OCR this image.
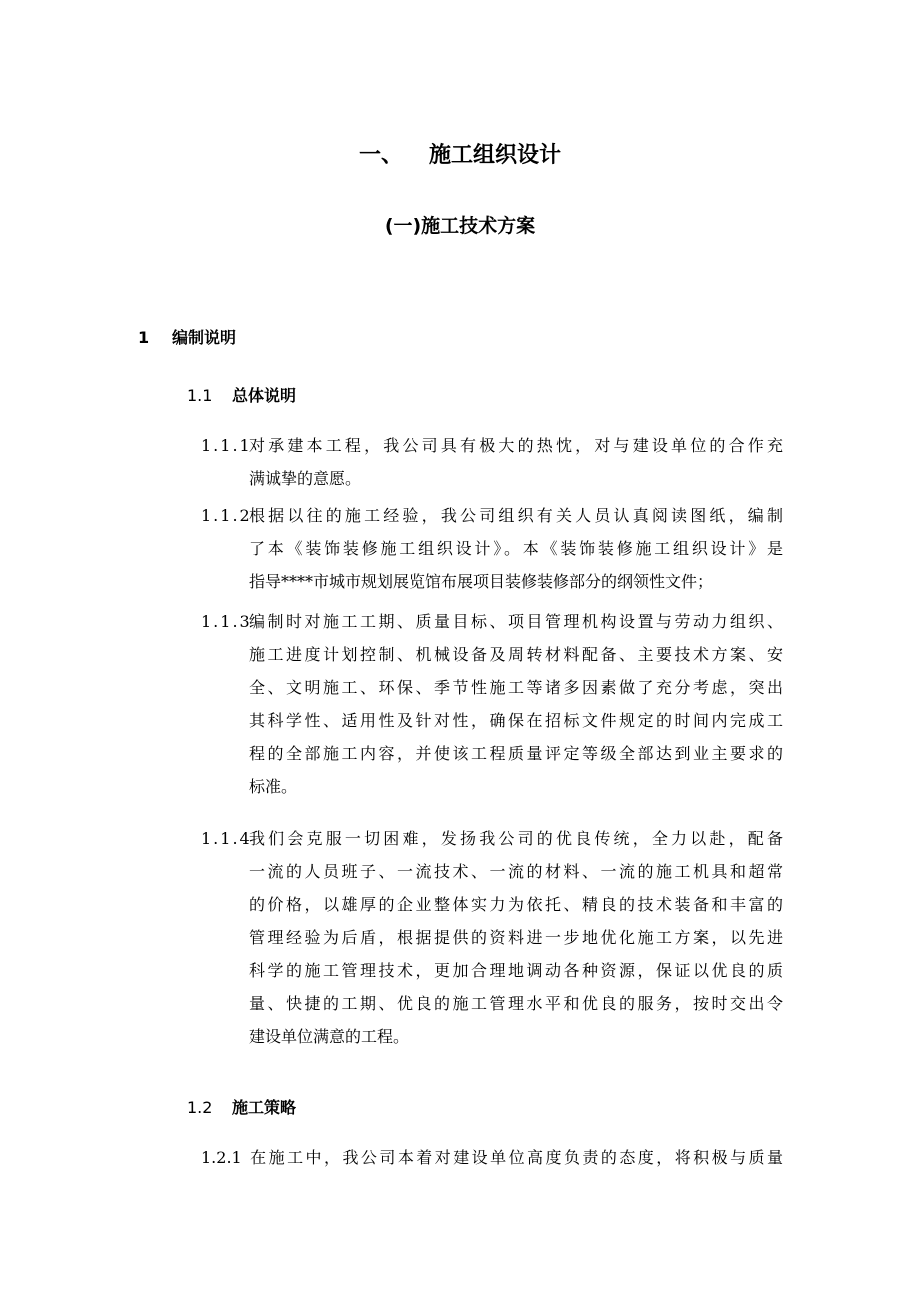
一、 施工组织设计
(一)施工技术方案
1 编制说明
1.1 总体说明
1.1.1
对承建本工程，我公司具有极大的热忱，对与建设单位的合作充
满诚挚的意愿。
1.1.2
根据以往的施工经验，我公司组织有关人员认真阅读图纸，编制
了本《装饰装修施工组织设计》。本《装饰装修施工组织设计》是
指导****市城市规划展览馆布展项目装修装修部分的纲领性文件；
1.1.3
编制时对施工工期、质量目标、项目管理机构设置与劳动力组织、
施工进度计划控制、机械设备及周转材料配备、主要技术方案、安
全、文明施工、环保、季节性施工等诸多因素做了充分考虑，突出
其科学性、适用性及针对性，确保在招标文件规定的时间内完成工
程的全部施工内容，并使该工程质量评定等级全部达到业主要求的
标准。
1.1.4
我们会克服一切困难，发扬我公司的优良传统，全力以赴，配备
一流的人员班子、一流技术、一流的材料、一流的施工机具和超常
的价格，以雄厚的企业整体实力为依托、精良的技术装备和丰富的
管理经验为后盾，根据提供的资料进一步地优化施工方案，以先进
科学的施工管理技术，更加合理地调动各种资源，保证以优良的质
量、快捷的工期、优良的施工管理水平和优良的服务，按时交出令
建设单位满意的工程。
1.2 施工策略
1.2.1 在施工中，我公司本着对建设单位高度负责的态度，将积极与质量
